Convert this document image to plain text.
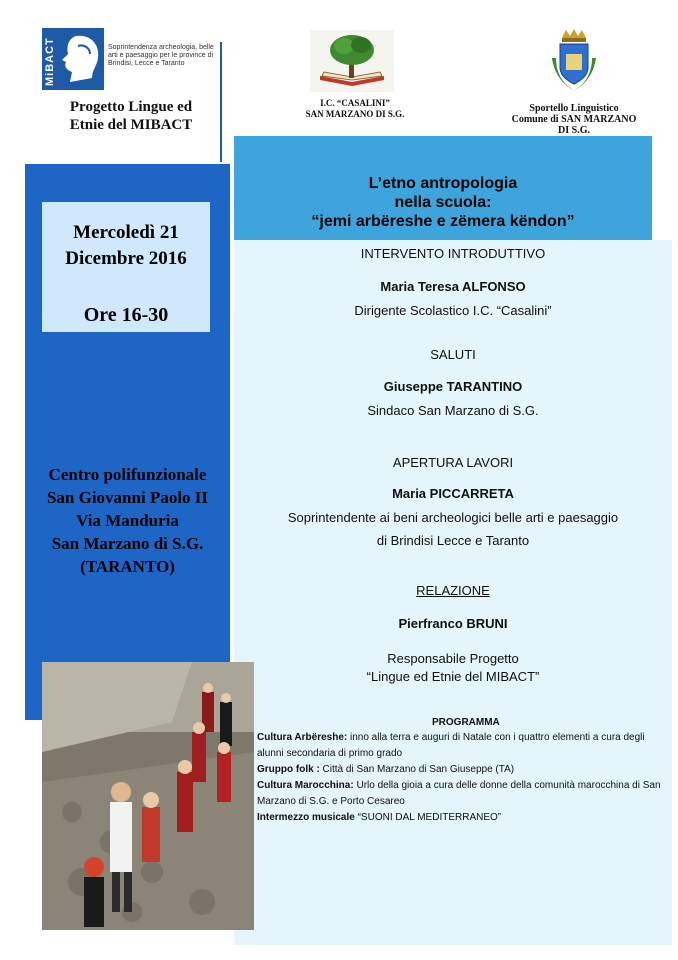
MiBACT	Soprintendenza archeologia, belle arti e paesaggio per le province di Brindisi, Lecce e Taranto
Progetto Lingue ed Etnie del MIBACT
I.C. “CASALINI”
SAN MARZANO DI S.G.	Sportello Linguistico
Comune di SAN MARZANO
DI S.G.
Mercoledì 21
Dicembre 2016
Ore 16-30
Centro polifunzionale
San Giovanni Paolo II
Via Manduria
San Marzano di S.G.
(TARANTO)
L’etno antropologia
nella scuola:
“jemi arbëreshe e zëmera këndon”
INTERVENTO INTRODUTTIVO
Maria Teresa ALFONSO
Dirigente Scolastico I.C. “Casalini”
SALUTI
Giuseppe TARANTINO
Sindaco San Marzano di S.G.
APERTURA LAVORI
Maria PICCARRETA
Soprintendente ai beni archeologici belle arti e paesaggio
di Brindisi Lecce e Taranto
RELAZIONE
Pierfranco BRUNI
Responsabile Progetto
“Lingue ed Etnie del MIBACT”
PROGRAMMA
Cultura Arbëreshe: inno alla terra e auguri di Natale con i quattro elementi a cura degli alunni secondaria di primo grado
Gruppo folk : Città di San Marzano di San Giuseppe (TA)
Cultura Marocchina: Urlo della gioia a cura delle donne della comunità marocchina di San Marzano di S.G. e Porto Cesareo
Intermezzo musicale “SUONI DAL MEDITERRANEO”
